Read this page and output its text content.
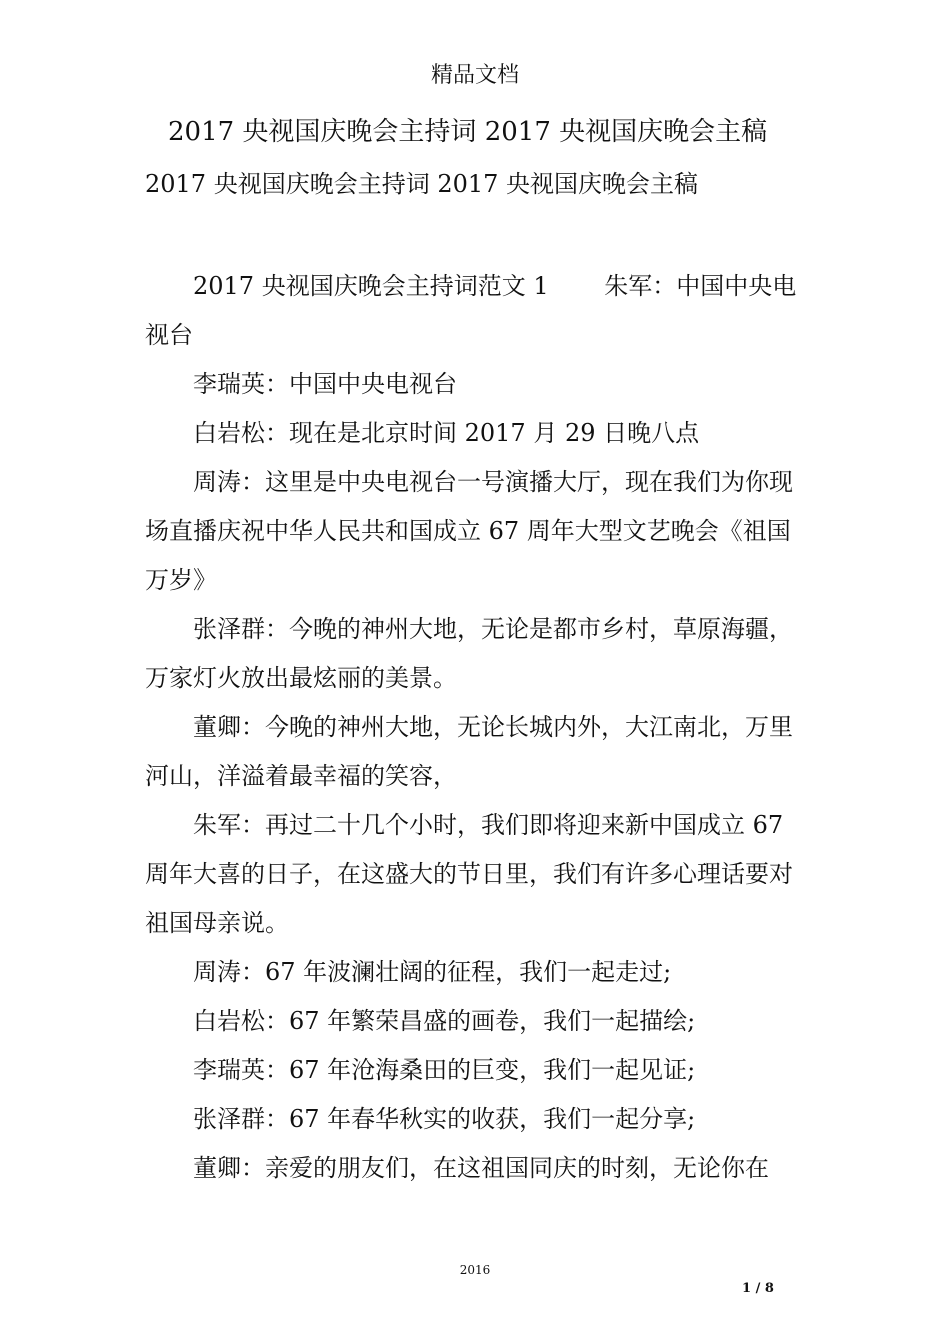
精品文档
2017 央视国庆晚会主持词 2017 央视国庆晚会主稿
2017 央视国庆晚会主持词 2017 央视国庆晚会主稿

2017 央视国庆晚会主持词范文 1　　 朱军：中国中央电视台

李瑞英：中国中央电视台

白岩松：现在是北京时间 2017 月 29 日晚八点

周涛：这里是中央电视台一号演播大厅，现在我们为你现场直播庆祝中华人民共和国成立 67 周年大型文艺晚会《祖国万岁》

张泽群：今晚的神州大地，无论是都市乡村，草原海疆，万家灯火放出最炫丽的美景。

董卿：今晚的神州大地，无论长城内外，大江南北，万里河山，洋溢着最幸福的笑容，

朱军：再过二十几个小时，我们即将迎来新中国成立 67 周年大喜的日子，在这盛大的节日里，我们有许多心理话要对祖国母亲说。

周涛：67 年波澜壮阔的征程，我们一起走过;

白岩松：67 年繁荣昌盛的画卷，我们一起描绘;

李瑞英：67 年沧海桑田的巨变，我们一起见证;

张泽群：67 年春华秋实的收获，我们一起分享;

董卿：亲爱的朋友们，在这祖国同庆的时刻，无论你在

2016
1 / 8
